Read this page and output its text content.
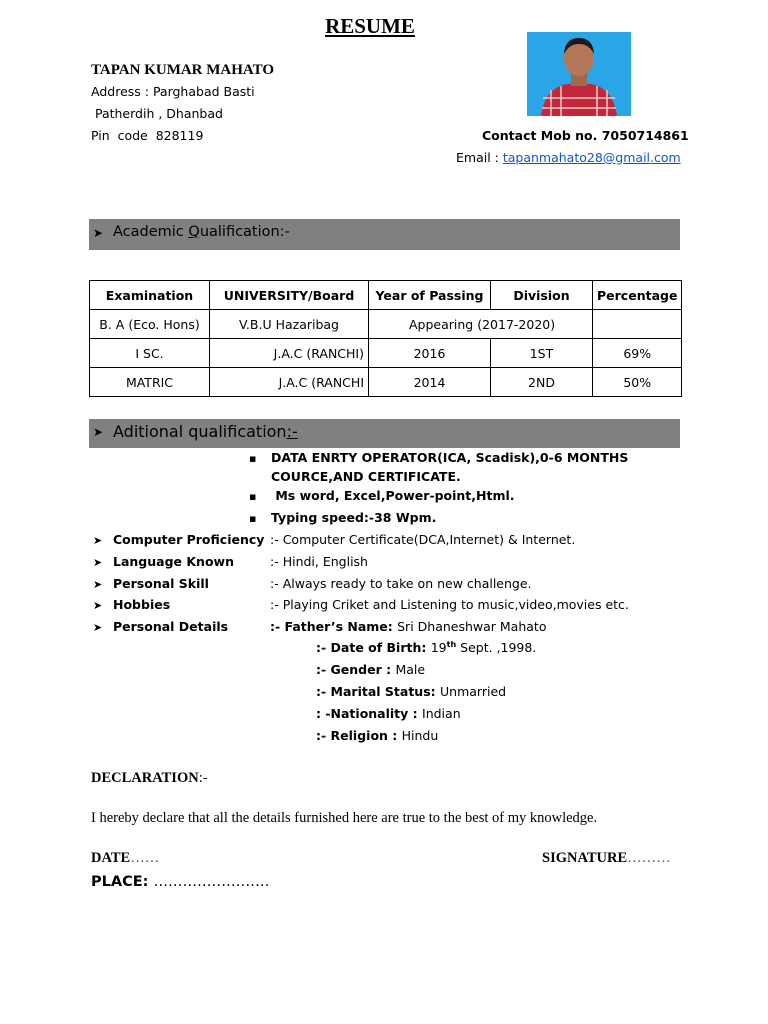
RESUME
TAPAN KUMAR MAHATO
Address : Parghabad Basti
Patherdih , Dhanbad
Pin  code  828119	Contact Mob no. 7050714861
Email : tapanmahato28@gmail.com
➤ Academic Qualification:-
Examination	UNIVERSITY/Board	Year of Passing	Division	Percentage
B. A (Eco. Hons)	V.B.U Hazaribag	Appearing (2017-2020)		
I SC.	J.A.C (RANCHI)	2016	1ST	69%
MATRIC	J.A.C (RANCHI	2014	2ND	50%
➤ Aditional qualification:-
▪ DATA ENRTY OPERATOR(ICA, Scadisk),0-6 MONTHS
COURCE,AND CERTIFICATE.
▪ Ms word, Excel,Power-point,Html.
▪ Typing speed:-38 Wpm.
➤ Computer Proficiency :- Computer Certificate(DCA,Internet) & Internet.
➤ Language Known	:- Hindi, English
➤ Personal Skill	:- Always ready to take on new challenge.
➤ Hobbies	:- Playing Criket and Listening to music,video,movies etc.
➤ Personal Details	:- Father’s Name: Sri Dhaneshwar Mahato
:- Date of Birth: 19th Sept. ,1998.
:- Gender : Male
:- Marital Status: Unmarried
: -Nationality : Indian
:- Religion : Hindu
DECLARATION:-
I hereby declare that all the details furnished here are true to the best of my knowledge.
DATE……	SIGNATURE………
PLACE: ……………………
